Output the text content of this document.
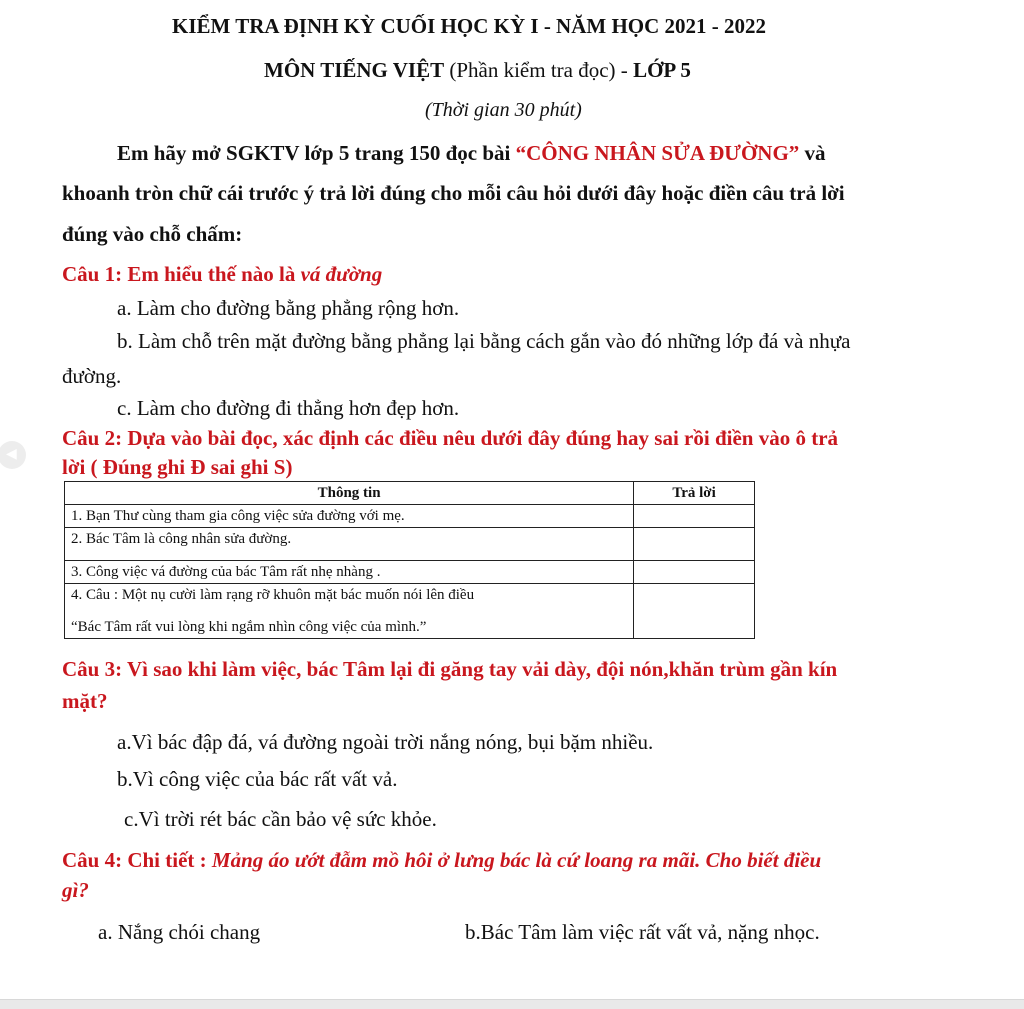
KIỂM TRA ĐỊNH KỲ CUỐI HỌC KỲ I - NĂM HỌC 2021 - 2022
MÔN TIẾNG VIỆT (Phần kiểm tra đọc) - LỚP 5
(Thời gian 30 phút)
Em hãy mở SGKTV lớp 5 trang 150 đọc bài “CÔNG NHÂN SỬA ĐƯỜNG” và
khoanh tròn chữ cái trước ý trả lời đúng cho mỗi câu hỏi dưới đây hoặc điền câu trả lời
đúng vào chỗ chấm:
Câu 1: Em hiểu thế nào là vá đường
a. Làm cho đường bằng phẳng rộng hơn.
b. Làm chỗ trên mặt đường bằng phẳng lại bằng cách gắn vào đó những lớp đá và nhựa
đường.
c. Làm cho đường đi thẳng hơn đẹp hơn.
Câu 2: Dựa vào bài đọc, xác định các điều nêu dưới đây đúng hay sai rồi điền vào ô trả
lời ( Đúng ghi Đ sai ghi S)
Thông tin	Trả lời
1. Bạn Thư cùng tham gia công việc sửa đường với mẹ.	
2. Bác Tâm là công nhân sửa đường.	
3. Công việc vá đường của bác Tâm rất nhẹ nhàng .	

4. Câu : Một nụ cười làm rạng rỡ khuôn mặt bác muốn nói lên điều
“Bác Tâm rất vui lòng khi ngắm nhìn công việc của mình.”	

Câu 3: Vì sao khi làm việc, bác Tâm lại đi găng tay vải dày, đội nón,khăn trùm gần kín
mặt?
a.Vì bác đập đá, vá đường ngoài trời nắng nóng, bụi bặm nhiều.
b.Vì công việc của bác rất vất vả.
c.Vì trời rét bác cần bảo vệ sức khỏe.
Câu 4: Chi tiết : Mảng áo ướt đẫm mồ hôi ở lưng bác là cứ loang ra mãi. Cho biết điều
gì?
a. Nắng chói chang	b.Bác Tâm làm việc rất vất vả, nặng nhọc.
◀
